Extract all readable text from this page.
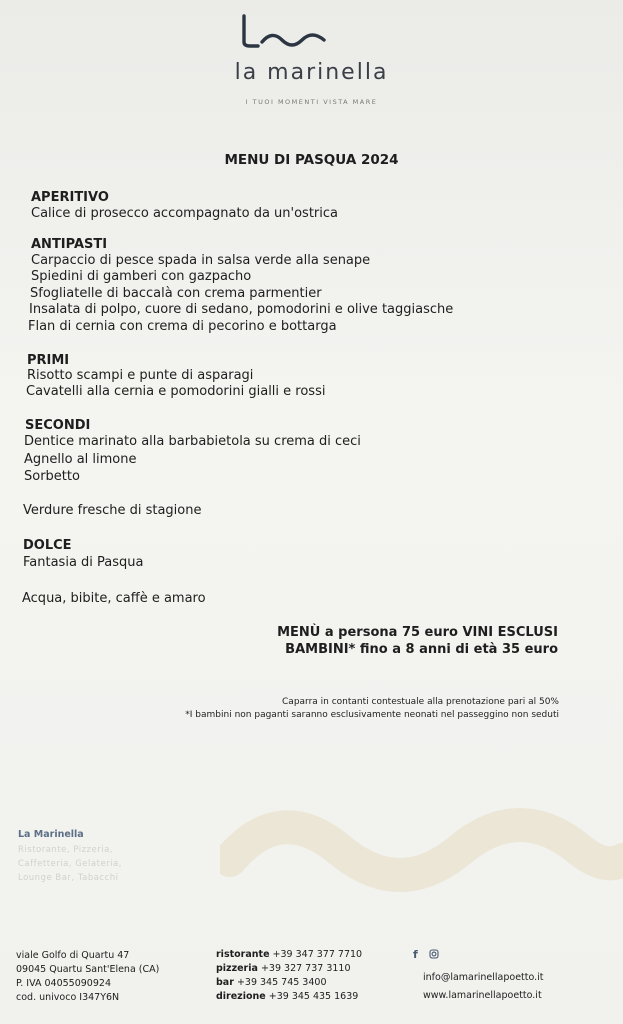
la marinella
I TUOI MOMENTI VISTA MARE
MENU DI PASQUA 2024
APERITIVO
Calice di prosecco accompagnato da un'ostrica
ANTIPASTI
Carpaccio di pesce spada in salsa verde alla senape
Spiedini di gamberi con gazpacho
Sfogliatelle di baccalà con crema parmentier
Insalata di polpo, cuore di sedano, pomodorini e olive taggiasche
Flan di cernia con crema di pecorino e bottarga
PRIMI
Risotto scampi e punte di asparagi
Cavatelli alla cernia e pomodorini gialli e rossi
SECONDI
Dentice marinato alla barbabietola su crema di ceci
Agnello al limone
Sorbetto
Verdure fresche di stagione
DOLCE
Fantasia di Pasqua
Acqua, bibite, caffè e amaro
MENÙ a persona 75 euro VINI ESCLUSI
BAMBINI* fino a 8 anni di età 35 euro
Caparra in contanti contestuale alla prenotazione pari al 50%
*I bambini non paganti saranno esclusivamente neonati nel passeggino non seduti
La Marinella
Ristorante, Pizzeria,
Caffetteria, Gelateria,
Lounge Bar, Tabacchi
viale Golfo di Quartu 47
09045 Quartu Sant'Elena (CA)
P. IVA 04055090924
cod. univoco I347Y6N
ristorante +39 347 377 7710
pizzeria +39 327 737 3110
bar +39 345 745 3400
direzione +39 345 435 1639
f
info@lamarinellapoetto.it
www.lamarinellapoetto.it
